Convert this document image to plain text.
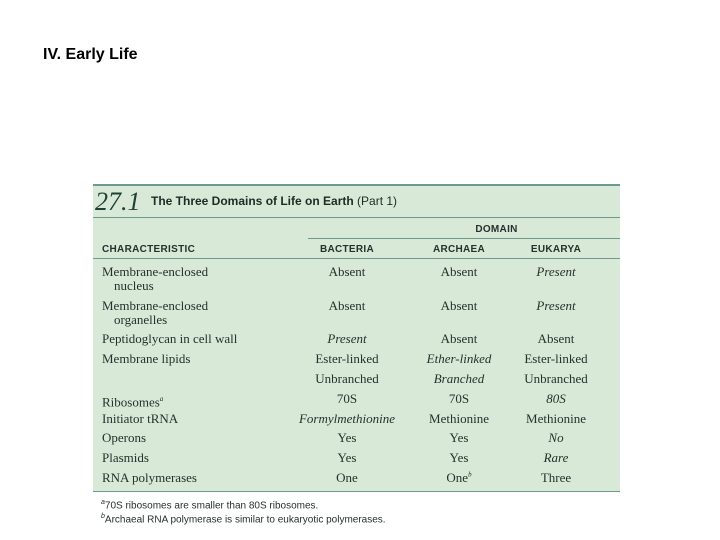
IV. Early Life
27.1 The Three Domains of Life on Earth (Part 1)
DOMAIN
CHARACTERISTIC	BACTERIA	ARCHAEA	EUKARYA
Membrane-enclosed
nucleus
Absent	Absent	Present
Membrane-enclosed
organelles
Absent	Absent	Present
Peptidoglycan in cell wall	Present	Absent	Absent
Membrane lipids	Ester-linked	Ether-linked	Ester-linked
Unbranched	Branched	Unbranched
Ribosomes$^a$	70S	70S	80S
Initiator tRNA	Formylmethionine	Methionine	Methionine
Operons	Yes	Yes	No
Plasmids	Yes	Yes	Rare
RNA polymerases	One	One$^b$	Three
$^a$70S ribosomes are smaller than 80S ribosomes.
$^b$Archaeal RNA polymerase is similar to eukaryotic polymerases.
